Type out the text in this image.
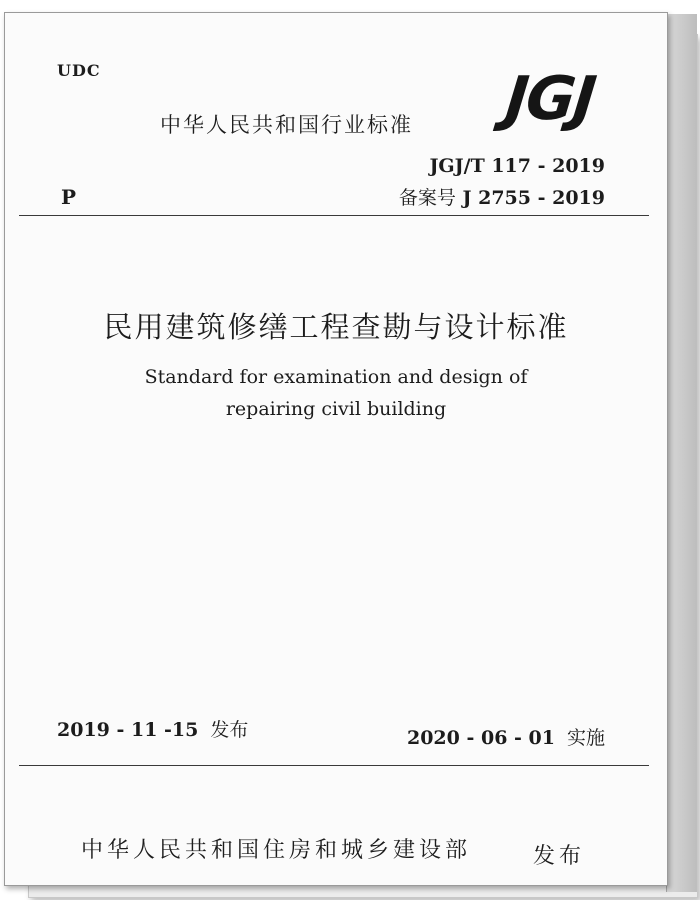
UDC
中华人民共和国行业标准 JGJ
JGJ/T 117 - 2019
备案号 J 2755 - 2019
P
民用建筑修缮工程查勘与设计标准
Standard for examination and design of
repairing civil building
2019 - 11 -15 发布	2020 - 06 - 01 实施
中华人民共和国住房和城乡建设部	发布
